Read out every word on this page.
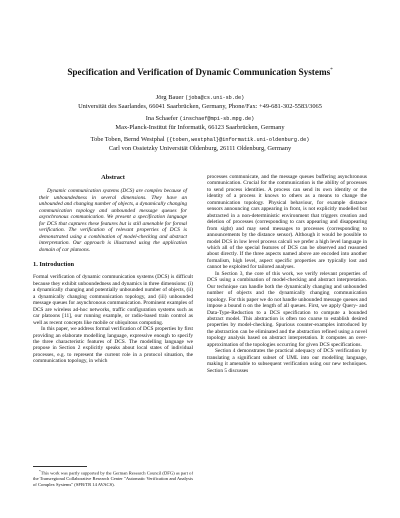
Specification and Verification of Dynamic Communication Systems*
Jörg Bauer (joba@cs.uni-sb.de)
Universität des Saarlandes, 66041 Saarbrücken, Germany, Phone/Fax: +49-681-302-5583/3065
Ina Schaefer (inschaef@mpi-sb.mpg.de)
Max-Planck-Institut für Informatik, 66123 Saarbrücken, Germany
Tobe Toben, Bernd Westphal ({toben,westphal}@informatik.uni-oldenburg.de)
Carl von Ossietzky Universität Oldenburg, 26111 Oldenburg, Germany
Abstract

Dynamic communication systems (DCS) are complex because of their unboundedness in several dimensions. They have an unbounded and changing number of objects, a dynamically changing communication topology and unbounded message queues for asynchronous communication. We present a specification language for DCS that captures these features but is still amenable for formal verification. The verification of relevant properties of DCS is demonstrated using a combination of model-checking and abstract interpretation. Our approach is illustrated using the application domain of car platoons.

1. Introduction

Formal verification of dynamic communication systems (DCS) is difficult because they exhibit unboundedness and dynamics in three dimensions: (i) a dynamically changing and potentially unbounded number of objects, (ii) a dynamically changing communication topology, and (iii) unbounded message queues for asynchronous communication. Prominent examples of DCS are wireless ad-hoc networks, traffic configuration systems such as car platoons [11], our running example, or radio-based train control as well as recent concepts like mobile or ubiquitous computing.

In this paper, we address formal verification of DCS properties by first providing an elaborate modelling language, expressive enough to specify the three characteristic features of DCS. The modelling language we propose in Section 2 explicitly speaks about local states of individual processes, e.g. to represent the current role in a protocol situation, the communication topology, in which

*This work was partly supported by the German Research Council (DFG) as part of the Transregional Collaborative Research Center "Automatic Verification and Analysis of Complex Systems" (SFB/TR 14 AVACS).

processes communicate, and the message queues buffering asynchronous communication. Crucial for the communication is the ability of processes to send process identities. A process can send its own identity or the identity of a process it knows to others as a means to change the communication topology. Physical behaviour, for example distance sensors announcing cars appearing in front, is not explicitly modelled but abstracted in a non-deterministic environment that triggers creation and deletion of processes (corresponding to cars appearing and disappearing from sight) and may send messages to processes (corresponding to announcements by the distance sensor). Although it would be possible to model DCS in low level process calculi we prefer a high level language in which all of the special features of DCS can be observed and reasoned about directly. If the three aspects named above are encoded into another formalism, high level, aspect specific properties are typically lost and cannot be exploited for tailored analyses.

In Section 3, the core of this work, we verify relevant properties of DCS using a combination of model-checking and abstract interpretation. Our technique can handle both the dynamically changing and unbounded number of objects and the dynamically changing communication topology. For this paper we do not handle unbounded message queues and impose a bound n on the length of all queues. First, we apply Query- and Data-Type-Reduction to a DCS specification to compute a bounded abstract model. This abstraction is often too coarse to establish desired properties by model-checking. Spurious counter-examples introduced by the abstraction can be eliminated and the abstraction refined using a novel topology analysis based on abstract interpretation. It computes an over-approximation of the topologies occurring for given DCS specifications.

Section 4 demonstrates the practical adequacy of DCS verification by translating a significant subset of UML into our modelling language, making it amenable to subsequent verification using our new techniques. Section 5 discusses
